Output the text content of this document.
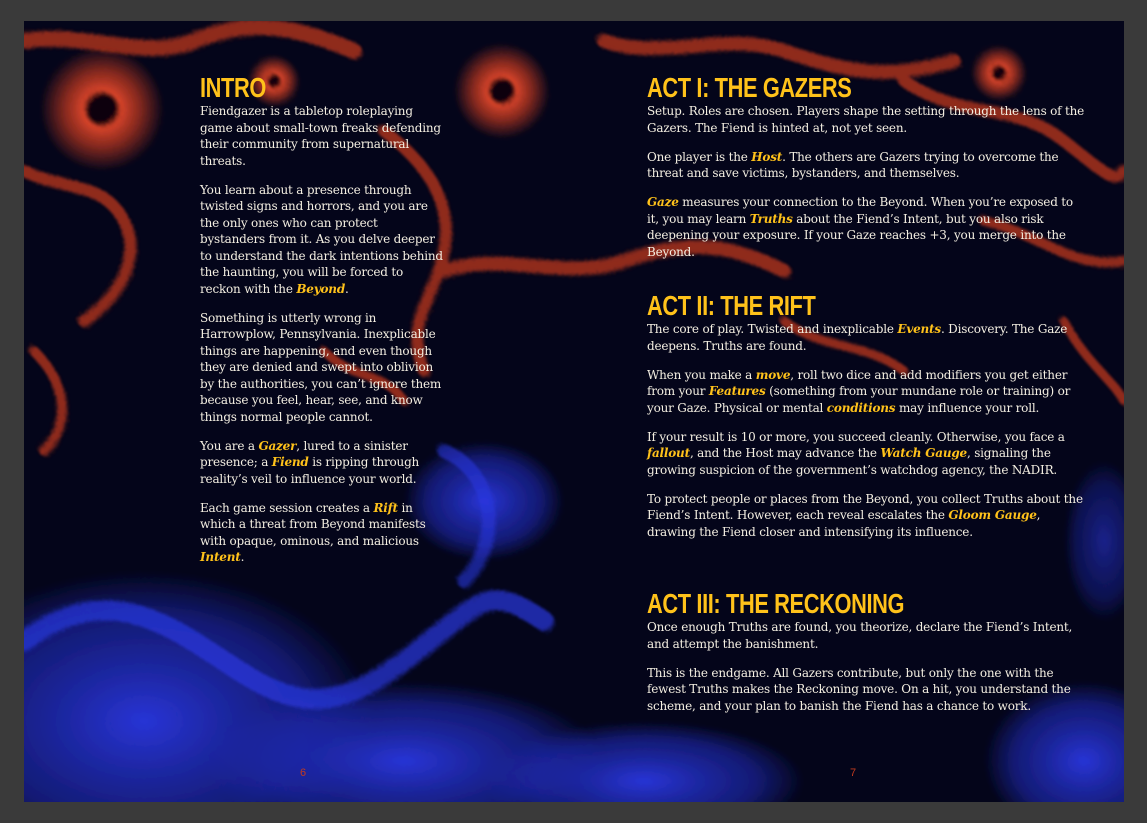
INTRO

Fiendgazer is a tabletop roleplaying game about small-town freaks defending their community from supernatural threats.

You learn about a presence through twisted signs and horrors, and you are the only ones who can protect bystanders from it. As you delve deeper to understand the dark intentions behind the haunting, you will be forced to
reckon with the Beyond.

Something is utterly wrong in Harrowplow, Pennsylvania. Inexplicable things are happening, and even though they are denied and swept into oblivion by the authorities, you can’t ignore them because you feel, hear, see, and know things normal people cannot.

You are a Gazer, lured to a sinister presence; a Fiend is ripping through reality’s veil to influence your world.

Each game session creates a Rift in which a threat from Beyond manifests with opaque, ominous, and malicious Intent.

ACT I: THE GAZERS

Setup. Roles are chosen. Players shape the setting through the lens of the Gazers. The Fiend is hinted at, not yet seen.

One player is the Host. The others are Gazers trying to overcome the threat and save victims, bystanders, and themselves.

Gaze measures your connection to the Beyond. When you’re exposed to it, you may learn Truths about the Fiend’s Intent, but you also risk deepening your exposure. If your Gaze reaches +3, you merge into the Beyond.

ACT II: THE RIFT

The core of play. Twisted and inexplicable Events. Discovery. The Gaze deepens. Truths are found.

When you make a move, roll two dice and add modifiers you get either from your Features (something from your mundane role or training) or your Gaze. Physical or mental conditions may influence your roll.

If your result is 10 or more, you succeed cleanly. Otherwise, you face a fallout, and the Host may advance the Watch Gauge, signaling the growing suspicion of the government’s watchdog agency, the NADIR.

To protect people or places from the Beyond, you collect Truths about the Fiend’s Intent. However, each reveal escalates the Gloom Gauge, drawing the Fiend closer and intensifying its influence.

ACT III: THE RECKONING

Once enough Truths are found, you theorize, declare the Fiend’s Intent, and attempt the banishment.

This is the endgame. All Gazers contribute, but only the one with the fewest Truths makes the Reckoning move. On a hit, you understand the scheme, and your plan to banish the Fiend has a chance to work.

6	7
